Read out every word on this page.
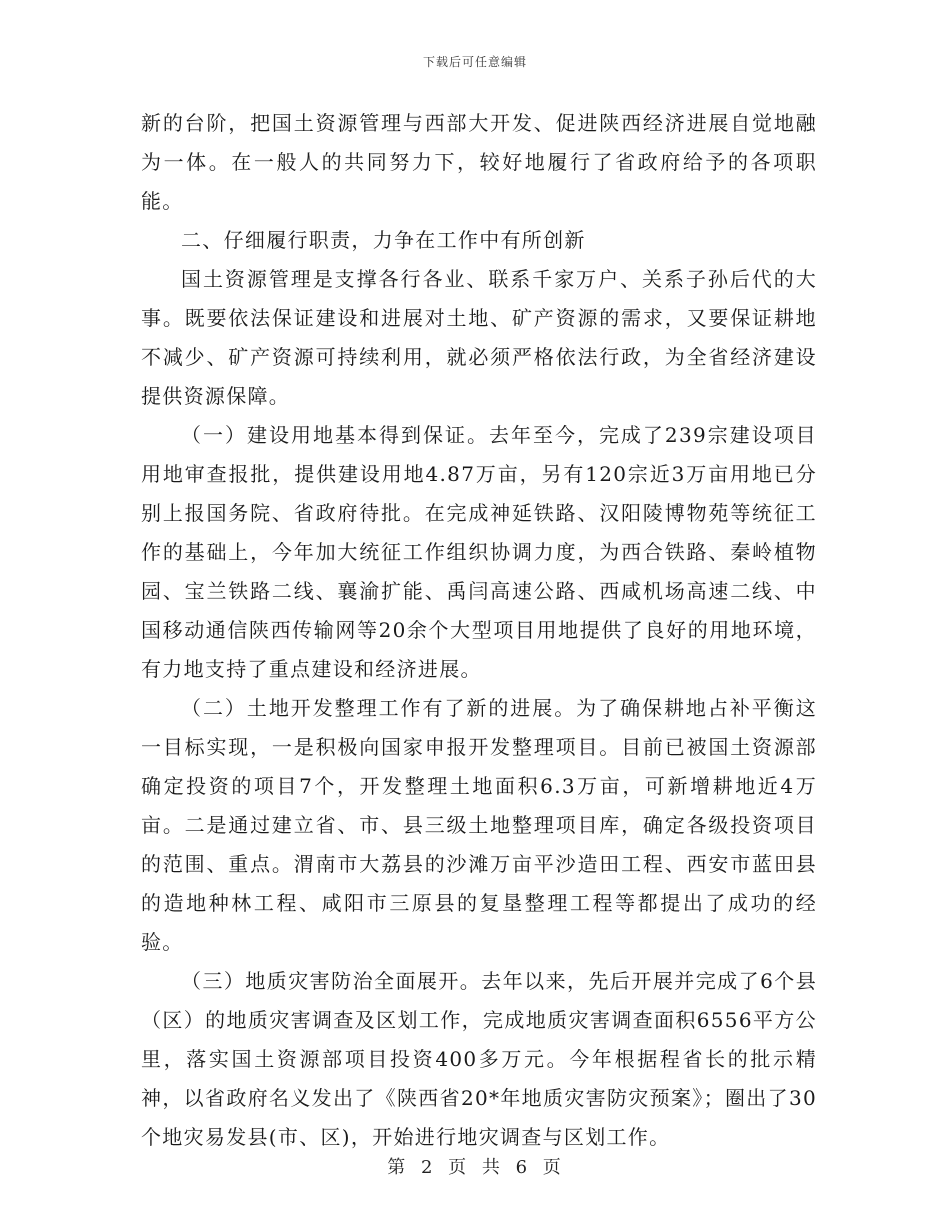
下载后可任意编辑

新的台阶，把国土资源管理与西部大开发、促进陕西经济进展自觉地融为一体。在一般人的共同努力下，较好地履行了省政府给予的各项职能。

二、仔细履行职责，力争在工作中有所创新

国土资源管理是支撑各行各业、联系千家万户、关系子孙后代的大事。既要依法保证建设和进展对土地、矿产资源的需求，又要保证耕地不减少、矿产资源可持续利用，就必须严格依法行政，为全省经济建设提供资源保障。

（一）建设用地基本得到保证。去年至今，完成了239宗建设项目用地审查报批，提供建设用地4.87万亩，另有120宗近3万亩用地已分别上报国务院、省政府待批。在完成神延铁路、汉阳陵博物苑等统征工作的基础上，今年加大统征工作组织协调力度，为西合铁路、秦岭植物园、宝兰铁路二线、襄渝扩能、禹闫高速公路、西咸机场高速二线、中国移动通信陕西传输网等20余个大型项目用地提供了良好的用地环境，有力地支持了重点建设和经济进展。

（二）土地开发整理工作有了新的进展。为了确保耕地占补平衡这一目标实现，一是积极向国家申报开发整理项目。目前已被国土资源部确定投资的项目7个，开发整理土地面积6.3万亩，可新增耕地近4万亩。二是通过建立省、市、县三级土地整理项目库，确定各级投资项目的范围、重点。渭南市大荔县的沙滩万亩平沙造田工程、西安市蓝田县的造地种林工程、咸阳市三原县的复垦整理工程等都提出了成功的经验。

（三）地质灾害防治全面展开。去年以来，先后开展并完成了6个县（区）的地质灾害调查及区划工作，完成地质灾害调查面积6556平方公里，落实国土资源部项目投资400多万元。今年根据程省长的批示精神，以省政府名义发出了《陕西省20*年地质灾害防灾预案》；圈出了30个地灾易发县(市、区)，开始进行地灾调查与区划工作。

第 2 页 共 6 页
